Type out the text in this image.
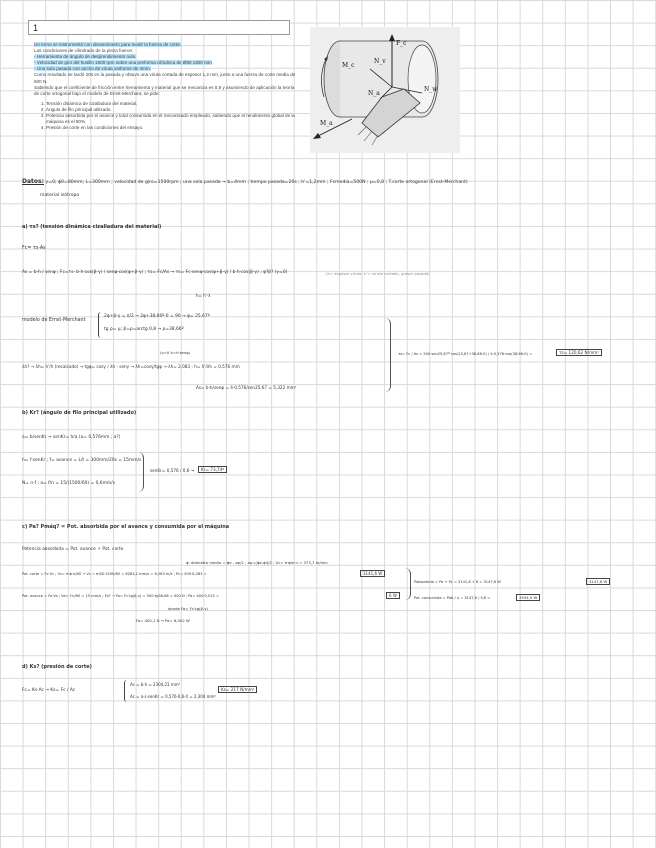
1

Un torno se instrumentó con dinamómetro para medir la fuerza de corte.

Las condiciones de cilindrado de la pieza fueron:

- Herramienta de ángulo de desprendimiento nulo.

- Velocidad de giro del husillo 1500 rpm sobre una preforma cilíndrica de Ø80 x300 mm

- Una sola pasada con ancho de viruta uniforme de 4mm.

Como resultado se tardó 20s en la pasada y obtuvo una viruta cortada de espesor 1,2 mm, junto a una fuerza de corte media de 500 N.

Sabiendo que el coeficiente de fricción entre herramienta y material que se mecaniza es 0,8 y asumiendo de aplicación la teoría de corte ortogonal bajo el modelo de Ernst-Merchant, se pide:

1. Tensión dinámica de cizalladura del material.
2. Ángulo de filo principal utilizado.
3. Potencia absorbida por el avance y total consumida en el mecanizado empleado, sabiendo que el rendimiento global de la máquina es el 80%.
4. Presión de corte en las condiciones del ensayo.
F_c
N_v
M_c
N_a
N_w
M_a
Datos: γ=0; ϕ0=80mm; L=300mm ; velocidad de giro=1500rpm ; una sola pasada → b=4mm ; tiempo pasada=20s ; h'=1,2mm ; Fcmedia=500N ; μ=0,8 ; T.corte ortogonal (Ernst-Merchant)
material isótropo
a) τs? (tensión dinámica cizalladura del material)
Fc= τs·As
As = b·h / senφ ; Fc=τs· b·h·cos(β-γ) / senφ·cos(φ+β-γ) ; τs= Fc/As → τs= Fc·senφ·cos(φ+β-γ) / b·h·cos(β-γ) ; φ?β? (γ=0)	(h= espesor viruta; h'= viruta cortada, grosor pasada)
h= h'·λ
modelo de Ernst-Merchant
2φ+β-γ = π/2 → 2φ+38,66º-0 = 90 → φ= 25,67º
tg ρ= μ; β=ρ=arctg 0,8 → ρ=38,66º
(γ=0 h=h'senφ)
λh? → λh= h'/h (recalcado) → tgφ= cosγ / λh - senγ → λh=cosγ/tgφ → λh= 2,083 ; h= h'/λh = 0,576 mm
As= b·h/senφ = 4·0,576/sen25,67 = 5,322 mm²
τs= Fc / As = 500·sen25,67º·cos(25,67+38,66-0) / 4·0,576·cos(38,66-0) =	τs= 120,62 N/mm²
b) Kr? (ángulo de filo principal utilizado)
a= b/senKr → senKr= h/a (a= 0,576mm ; a?)
h= f·senKr ; f= avance = L/t = 300mm/20s = 15mm/s
N= n·f ; a= f/n = 15/(1500/60) = 0,6mm/v
senKr= 0,576 / 0,6 →	Kr= 73,74º
c) Pa? Pmáq? = Pot. absorbida por el avance y consumida por el máquina
Potencia absorbida = Pot. avance + Pot. corte
ϕ: diámetro medio = ϕe - ap/2 ; ap=(ϕe-ϕi)/2 ; Vc= π·ϕm·n = 373,7 m/min
Pot. corte = Fc·Vc ; Vc= π·ϕ·n/60 → Vc = π·80·1500/60 = 6283,2 mm/s = 6,283 m/s ; Pc= 500·6,283 =	3141,6 W
Pot. avance = Fa·Va ; Va= f·n/60 = 15 mm/s ; Fa? → Fa= Fc·tg(β-γ) = 500·tg38,66 = 400 N ; Pa= 400·0,015 =	6 W
donde Fa= Fc·tg(β-γ)
Fa= 400,1 N → Pa= 6,002 W
Pabsorbida = Pa + Pc = 3141,6 + 6 = 3147,6 W	3147,6 W
Pot. consumida = Pab / η = 3147,6 / 0,8 =	3934,5 W
d) Ks? (presión de corte)
Fc= Ks·Ac → Ks= Fc / Ac
Ac = b·h = 2304,21 mm²
Ac = a·s·senKr = 0,576·0,6·4 = 2,304 mm²
Ks= 217 N/mm²
